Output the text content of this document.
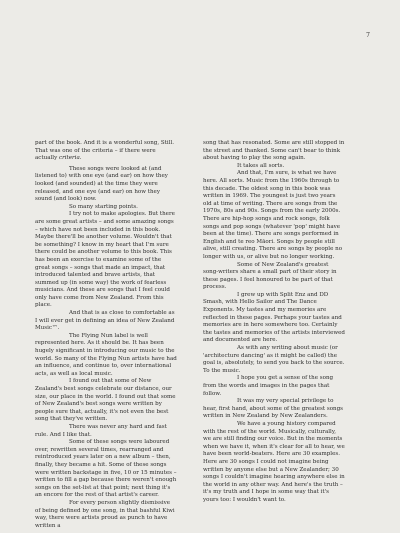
7

part of the book. And it is a wonderful song, Still. That was one of the criteria – if there were actually criteria.

These songs were looked at (and listened to) with one eye (and ear) on how they looked (and sounded) at the time they were released, and one eye (and ear) on how they sound (and look) now.

So many starting points.

I try not to make apologies. But there are some great artists – and some amazing songs – which have not been included in this book. Maybe there'll be another volume. Wouldn't that be something? I know in my heart that I'm sure there could be another volume to this book. This has been an exercise to examine some of the great songs – songs that made an impact, that introduced talented and brave artists, that summed up (in some way) the work of fearless musicians. And these are songs that I feel could only have come from New Zealand. From this place.

And that is as close to comfortable as I will ever get in defining an idea of New Zealand Music™.

The Flying Nun label is well represented here. As it should be. It has been hugely significant in introducing our music to the world. So many of the Flying Nun artists have had an influence, and continue to, over international acts, as well as local music.

I found out that some of New Zealand's best songs celebrate our distance, our size, our place in the world. I found out that some of New Zealand's best songs were written by people sure that, actually, it's not even the best song that they've written.

There was never any hard and fast rule. And I like that.

Some of these songs were laboured over, rewritten several times, rearranged and reintroduced years later on a new album – then, finally, they became a hit. Some of these songs were written backstage in five, 10 or 15 minutes – written to fill a gap because there weren't enough songs on the set-list at that point; next thing it's an encore for the rest of that artist's career.

For every person slightly dismissive of being defined by one song, in that bashful Kiwi way, there were artists proud as punch to have written a

song that has resonated. Some are still stopped in the street and thanked. Some can't bear to think about having to play the song again.

It takes all sorts.

And that, I'm sure, is what we have here. All sorts. Music from the 1960s through to this decade. The oldest song in this book was written in 1969. The youngest is just two years old at time of writing. There are songs from the 1970s, 80s and 90s. Songs from the early 2000s. There are hip-hop songs and rock songs, folk songs and pop songs (whatever 'pop' might have been at the time). There are songs performed in English and te reo Māori. Songs by people still alive, still creating. There are songs by people no longer with us, or alive but no longer working.

Some of New Zealand's greatest song-writers share a small part of their story in these pages. I feel honoured to be part of that process.

I grew up with Split Enz and DD Smash, with Hello Sailor and The Dance Exponents. My tastes and my memories are reflected in these pages. Perhaps your tastes and memories are in here somewhere too. Certainly the tastes and memories of the artists interviewed and documented are here.

As with any writing about music (or 'architecture dancing' as it might be called) the goal is, absolutely, to send you back to the source. To the music.

I hope you get a sense of the song from the words and images in the pages that follow.

It was my very special privilege to hear, first hand, about some of the greatest songs written in New Zealand by New Zealanders.

We have a young history compared with the rest of the world. Musically, culturally, we are still finding our voice. But in the moments when we have it, when it's clear for all to hear, we have been world-beaters. Here are 30 examples. Here are 30 songs I could not imagine being written by anyone else but a New Zealander; 30 songs I couldn't imagine hearing anywhere else in the world in any other way. And here's the truth – it's my truth and I hope in some way that it's yours too: I wouldn't want to.
